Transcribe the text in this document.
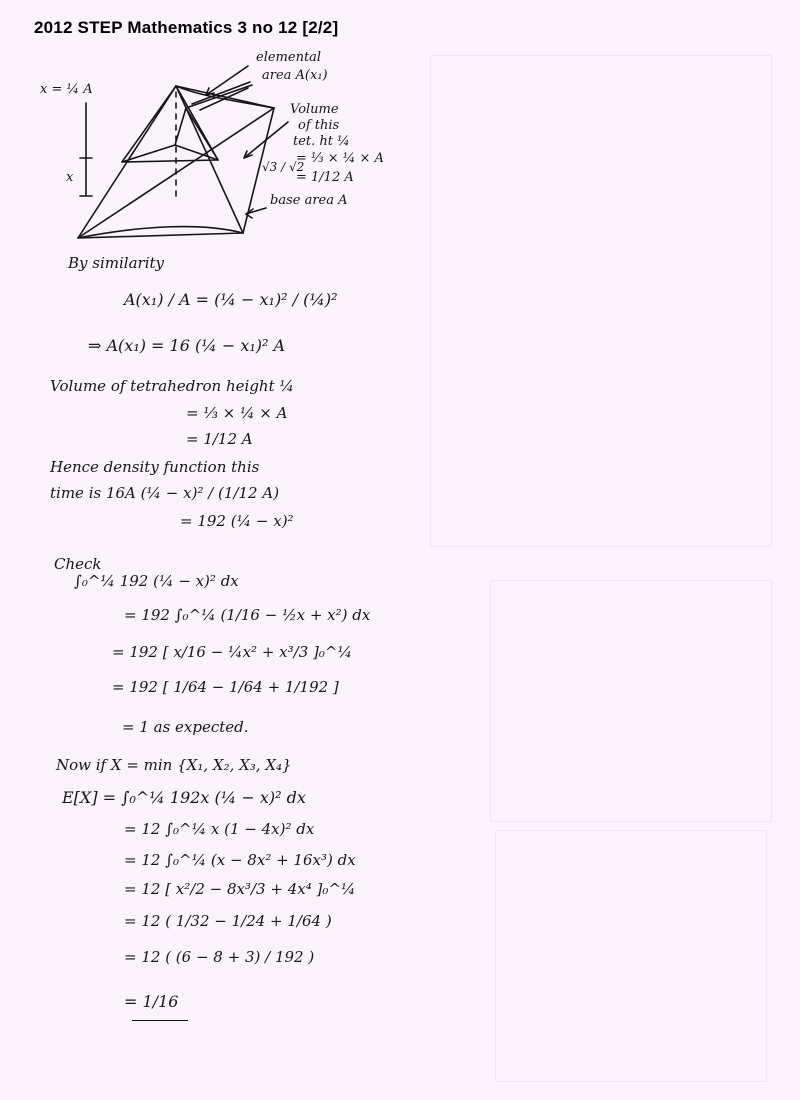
2012 STEP Mathematics 3 no 12 [2/2]
x = ¼ A
x
elemental
area A(x₁)
Volume
of this
tet. ht ¼
= ⅓ × ¼ × A
= 1/12 A
√3 / √2
base area A
By similarity
A(x₁) / A = (¼ − x₁)² / (¼)²
⇒ A(x₁) = 16 (¼ − x₁)² A
Volume of tetrahedron height ¼
= ⅓ × ¼ × A
= 1/12 A
Hence density function this
time is 16A (¼ − x)² / (1/12 A)
= 192 (¼ − x)²
Check
∫₀^¼ 192 (¼ − x)² dx
= 192 ∫₀^¼ (1/16 − ½x + x²) dx
= 192 [ x/16 − ¼x² + x³/3 ]₀^¼
= 192 [ 1/64 − 1/64 + 1/192 ]
= 1 as expected.
Now if X = min {X₁, X₂, X₃, X₄}
E[X] = ∫₀^¼ 192x (¼ − x)² dx
= 12 ∫₀^¼ x (1 − 4x)² dx
= 12 ∫₀^¼ (x − 8x² + 16x³) dx
= 12 [ x²/2 − 8x³/3 + 4x⁴ ]₀^¼
= 12 ( 1/32 − 1/24 + 1/64 )
= 12 ( (6 − 8 + 3) / 192 )
= 1/16
